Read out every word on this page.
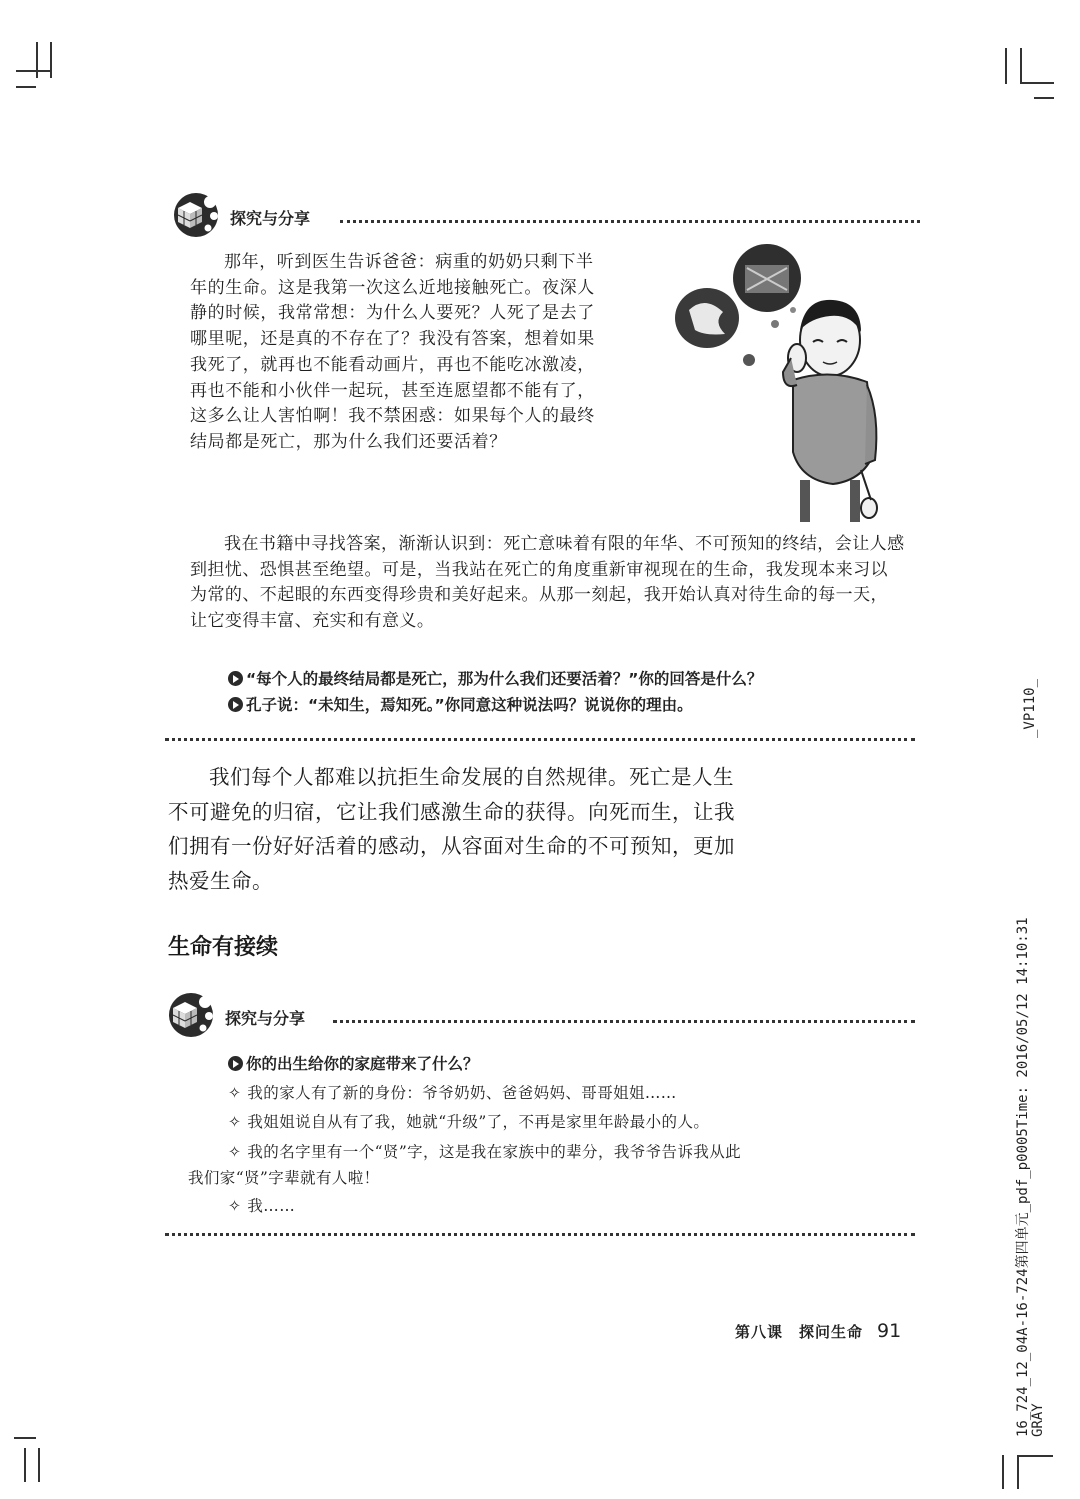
探究与分享

那年，听到医生告诉爸爸：病重的奶奶只剩下半年的生命。这是我第一次这么近地接触死亡。夜深人静的时候，我常常想：为什么人要死？人死了是去了哪里呢，还是真的不存在了？我没有答案，想着如果我死了，就再也不能看动画片，再也不能吃冰激凌，再也不能和小伙伴一起玩，甚至连愿望都不能有了，这多么让人害怕啊！我不禁困惑：如果每个人的最终结局都是死亡，那为什么我们还要活着？

我在书籍中寻找答案，渐渐认识到：死亡意味着有限的年华、不可预知的终结，会让人感到担忧、恐惧甚至绝望。可是，当我站在死亡的角度重新审视现在的生命，我发现本来习以为常的、不起眼的东西变得珍贵和美好起来。从那一刻起，我开始认真对待生命的每一天，让它变得丰富、充实和有意义。
“每个人的最终结局都是死亡，那为什么我们还要活着？”你的回答是什么？
孔子说：“未知生，焉知死。”你同意这种说法吗？说说你的理由。
我们每个人都难以抗拒生命发展的自然规律。死亡是人生不可避免的归宿，它让我们感激生命的获得。向死而生，让我们拥有一份好好活着的感动，从容面对生命的不可预知，更加热爱生命。
生命有接续
探究与分享
你的出生给你的家庭带来了什么？
✧ 我的家人有了新的身份：爷爷奶奶、爸爸妈妈、哥哥姐姐……
✧ 我姐姐说自从有了我，她就“升级”了，不再是家里年龄最小的人。
✧ 我的名字里有一个“贤”字，这是我在家族中的辈分，我爷爷告诉我从此
我们家“贤”字辈就有人啦！
✧ 我……
第八课　探问生命 91
_VP110_
16_724_12_04A-16-724第四单元_pdf_p0005Time: 2016/05/12 14:10:31 GRAY
